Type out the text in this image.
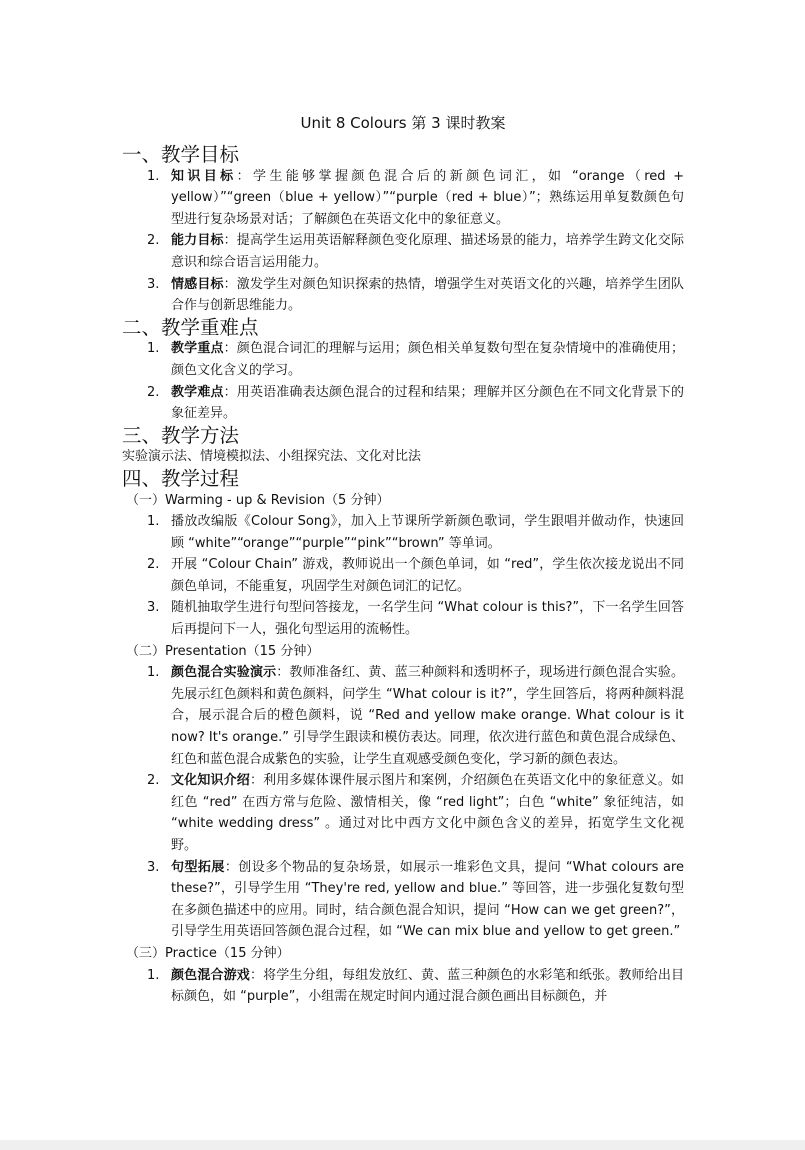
Unit 8 Colours 第 3 课时教案
一、教学目标
1. 知识目标：学生能够掌握颜色混合后的新颜色词汇，如 “orange（red + yellow）”“green（blue + yellow）”“purple（red + blue）”；熟练运用单复数颜色句型进行复杂场景对话；了解颜色在英语文化中的象征意义。
2. 能力目标：提高学生运用英语解释颜色变化原理、描述场景的能力，培养学生跨文化交际意识和综合语言运用能力。
3. 情感目标：激发学生对颜色知识探索的热情，增强学生对英语文化的兴趣，培养学生团队合作与创新思维能力。
二、教学重难点
1. 教学重点：颜色混合词汇的理解与运用；颜色相关单复数句型在复杂情境中的准确使用；颜色文化含义的学习。
2. 教学难点：用英语准确表达颜色混合的过程和结果；理解并区分颜色在不同文化背景下的象征差异。
三、教学方法

实验演示法、情境模拟法、小组探究法、文化对比法

四、教学过程

（一）Warming - up & Revision（5 分钟）

1. 播放改编版《Colour Song》，加入上节课所学新颜色歌词，学生跟唱并做动作，快速回顾 “white”“orange”“purple”“pink”“brown” 等单词。
2. 开展 “Colour Chain” 游戏，教师说出一个颜色单词，如 “red”，学生依次接龙说出不同颜色单词，不能重复，巩固学生对颜色词汇的记忆。
3. 随机抽取学生进行句型问答接龙，一名学生问 “What colour is this?”，下一名学生回答后再提问下一人，强化句型运用的流畅性。

（二）Presentation（15 分钟）

1. 颜色混合实验演示：教师准备红、黄、蓝三种颜料和透明杯子，现场进行颜色混合实验。先展示红色颜料和黄色颜料，问学生 “What colour is it?”，学生回答后，将两种颜料混合，展示混合后的橙色颜料，说 “Red and yellow make orange. What colour is it now? It's orange.” 引导学生跟读和模仿表达。同理，依次进行蓝色和黄色混合成绿色、红色和蓝色混合成紫色的实验，让学生直观感受颜色变化，学习新的颜色表达。
2. 文化知识介绍：利用多媒体课件展示图片和案例，介绍颜色在英语文化中的象征意义。如红色 “red” 在西方常与危险、激情相关，像 “red light”；白色 “white” 象征纯洁，如 “white wedding dress” 。通过对比中西方文化中颜色含义的差异，拓宽学生文化视野。
3. 句型拓展：创设多个物品的复杂场景，如展示一堆彩色文具，提问 “What colours are these?”，引导学生用 “They're red, yellow and blue.” 等回答，进一步强化复数句型在多颜色描述中的应用。同时，结合颜色混合知识，提问 “How can we get green?”，引导学生用英语回答颜色混合过程，如 “We can mix blue and yellow to get green.”

（三）Practice（15 分钟）

1. 颜色混合游戏：将学生分组，每组发放红、黄、蓝三种颜色的水彩笔和纸张。教师给出目标颜色，如 “purple”，小组需在规定时间内通过混合颜色画出目标颜色，并
